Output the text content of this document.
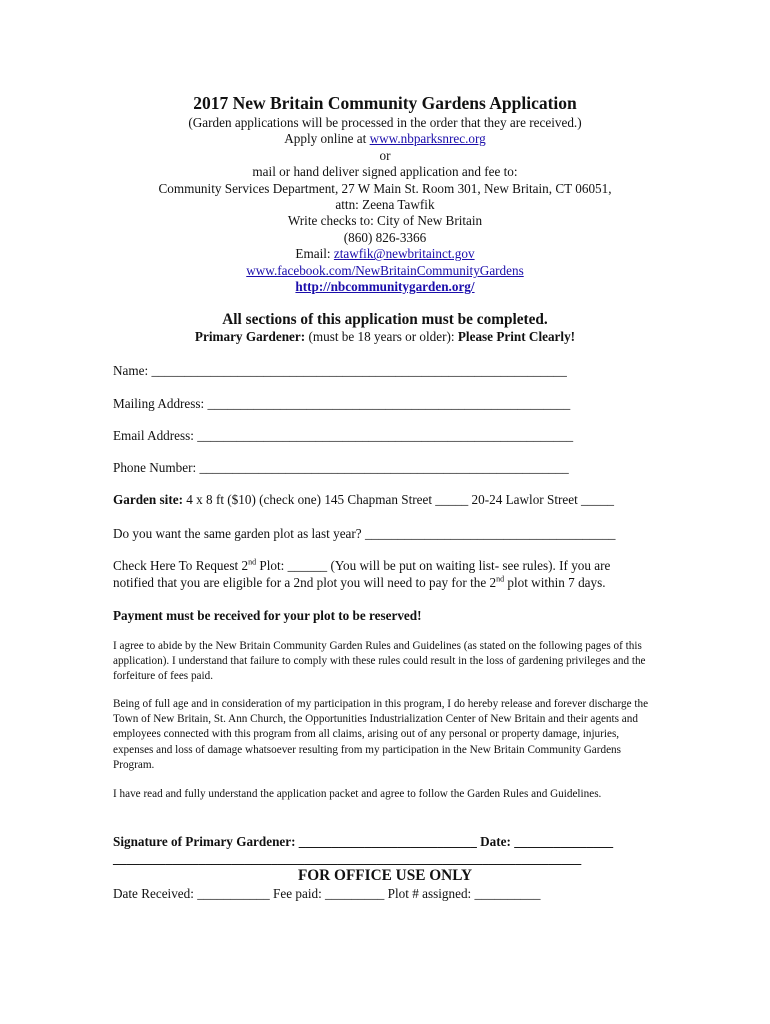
2017 New Britain Community Gardens Application
(Garden applications will be processed in the order that they are received.)
Apply online at www.nbparksnrec.org
or
mail or hand deliver signed application and fee to:
Community Services Department, 27 W Main St. Room 301, New Britain, CT 06051,
attn: Zeena Tawfik
Write checks to: City of New Britain
(860) 826-3366
Email: ztawfik@newbritainct.gov
www.facebook.com/NewBritainCommunityGardens
http://nbcommunitygarden.org/
All sections of this application must be completed.
Primary Gardener: (must be 18 years or older): Please Print Clearly!
Name: _______________________________________________________________
Mailing Address: _______________________________________________________
Email Address: _________________________________________________________
Phone Number: ________________________________________________________
Garden site: 4 x 8 ft ($10) (check one) 145 Chapman Street _____ 20-24 Lawlor Street _____
Do you want the same garden plot as last year? ______________________________________
Check Here To Request 2nd Plot: ______ (You will be put on waiting list- see rules). If you are
notified that you are eligible for a 2nd plot you will need to pay for the 2nd plot within 7 days.
Payment must be received for your plot to be reserved!
I agree to abide by the New Britain Community Garden Rules and Guidelines (as stated on the following pages of this application). I understand that failure to comply with these rules could result in the loss of gardening privileges and the forfeiture of fees paid.
Being of full age and in consideration of my participation in this program, I do hereby release and forever discharge the Town of New Britain, St. Ann Church, the Opportunities Industrialization Center of New Britain and their agents and employees connected with this program from all claims, arising out of any personal or property damage, injuries, expenses and loss of damage whatsoever resulting from my participation in the New Britain Community Gardens Program.
I have read and fully understand the application packet and agree to follow the Garden Rules and Guidelines.
Signature of Primary Gardener: ___________________________ Date: _______________
_______________________________________________________________________
FOR OFFICE USE ONLY
Date Received: ___________ Fee paid: _________ Plot # assigned: __________
